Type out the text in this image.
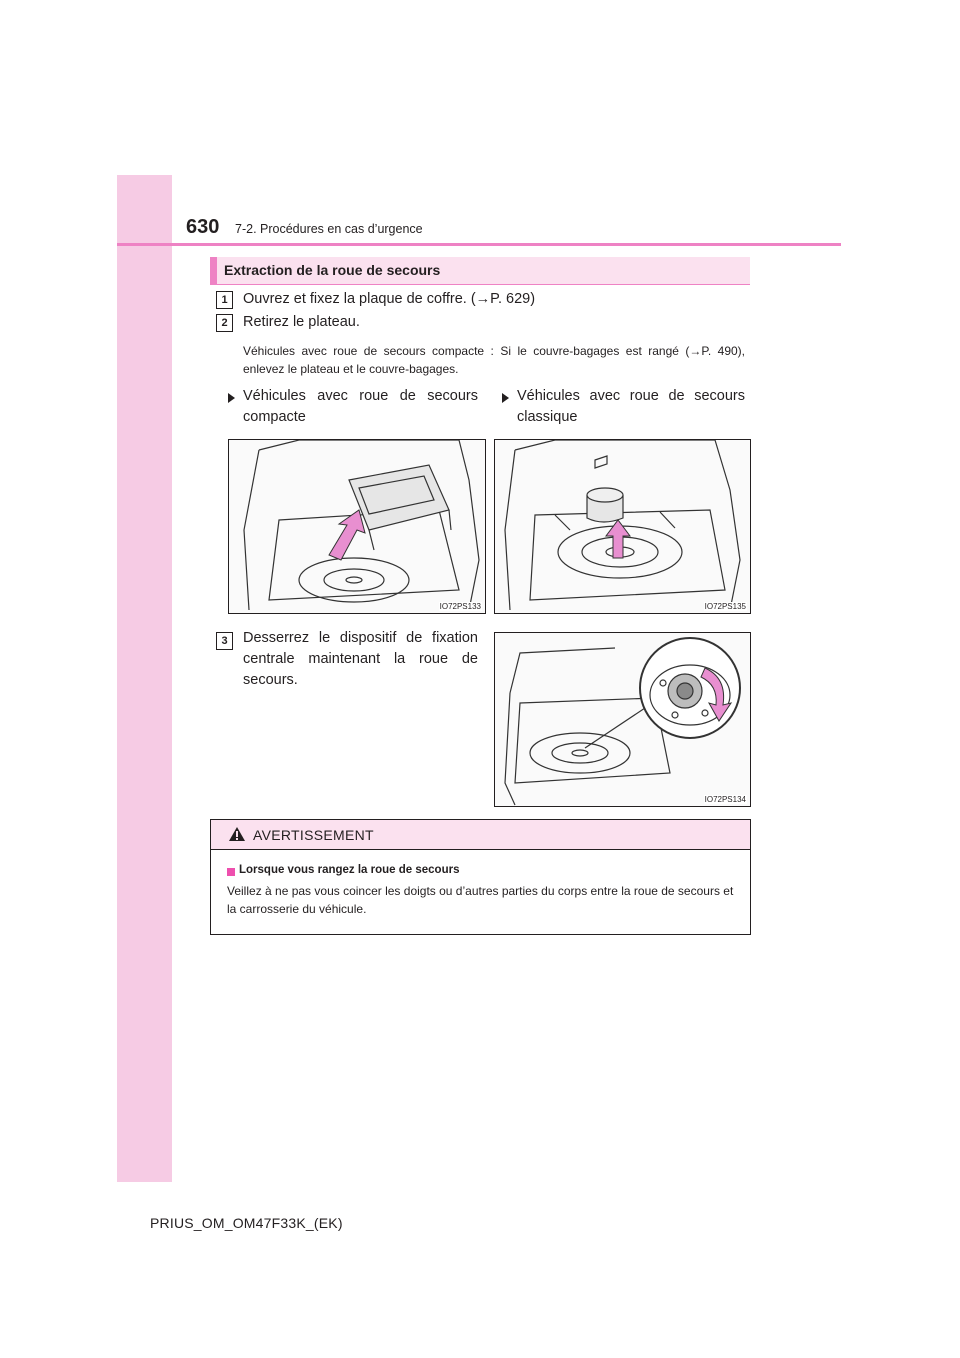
630 7-2. Procédures en cas d’urgence
Extraction de la roue de secours
1	Ouvrez et fixez la plaque de coffre. (→P. 629)
2	Retirez le plateau.
Véhicules avec roue de secours compacte : Si le couvre-bagages est rangé (→P. 490), enlevez le plateau et le couvre-bagages.
Véhicules avec roue de secours compacte
Véhicules avec roue de secours classique
IO72PS133	IO72PS135
3	Desserrez le dispositif de fixation centrale maintenant la roue de secours.
IO72PS134
AVERTISSEMENT
Lorsque vous rangez la roue de secours
Veillez à ne pas vous coincer les doigts ou d’autres parties du corps entre la roue de secours et la carrosserie du véhicule.
PRIUS_OM_OM47F33K_(EK)
